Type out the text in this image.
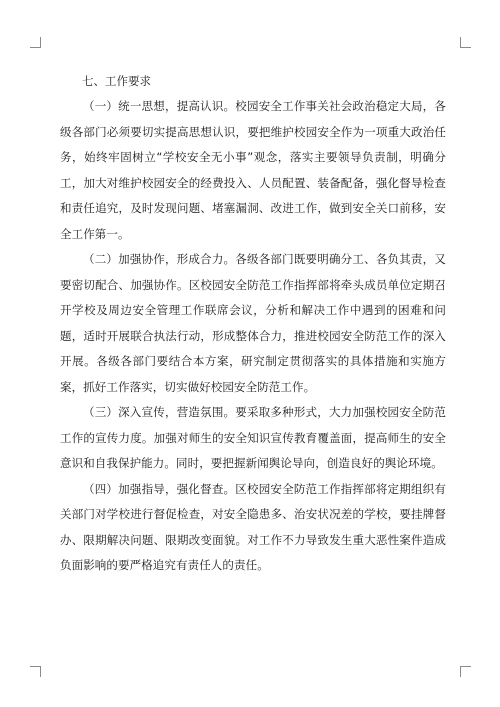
七、工作要求

（一）统一思想，提高认识。校园安全工作事关社会政治稳定大局，各级各部门必须要切实提高思想认识，要把维护校园安全作为一项重大政治任务，始终牢固树立“学校安全无小事”观念，落实主要领导负责制，明确分工，加大对维护校园安全的经费投入、人员配置、装备配备，强化督导检查和责任追究，及时发现问题、堵塞漏洞、改进工作，做到安全关口前移，安全工作第一。

（二）加强协作，形成合力。各级各部门既要明确分工、各负其责，又要密切配合、加强协作。区校园安全防范工作指挥部将牵头成员单位定期召开学校及周边安全管理工作联席会议，分析和解决工作中遇到的困难和问题，适时开展联合执法行动，形成整体合力，推进校园安全防范工作的深入开展。各级各部门要结合本方案，研究制定贯彻落实的具体措施和实施方案，抓好工作落实，切实做好校园安全防范工作。

（三）深入宣传，营造氛围。要采取多种形式，大力加强校园安全防范工作的宣传力度。加强对师生的安全知识宣传教育覆盖面，提高师生的安全意识和自我保护能力。同时，要把握新闻舆论导向，创造良好的舆论环境。

（四）加强指导，强化督查。区校园安全防范工作指挥部将定期组织有关部门对学校进行督促检查，对安全隐患多、治安状况差的学校，要挂牌督办、限期解决问题、限期改变面貌。对工作不力导致发生重大恶性案件造成负面影响的要严格追究有责任人的责任。
